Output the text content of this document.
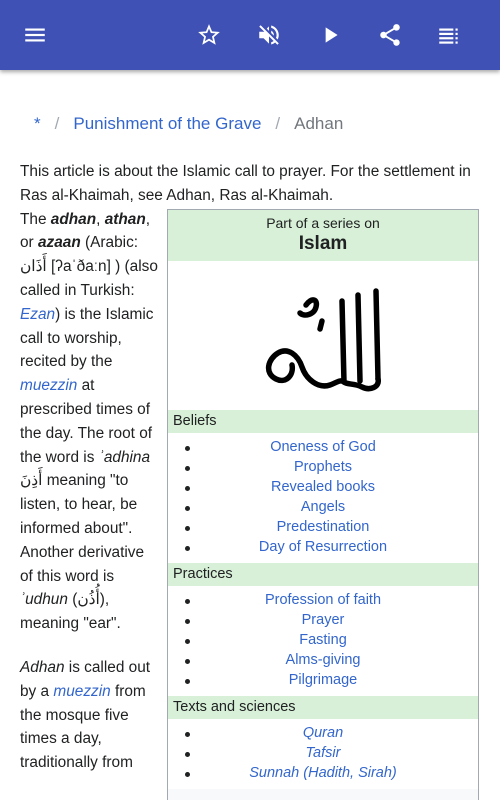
* / Punishment of the Grave / Adhan

This article is about the Islamic call to prayer. For the settlement in Ras al-Khaimah, see Adhan, Ras al-Khaimah.

The adhan, athan, or azaan (Arabic: أَذَان [ʔaˈðaːn] ) (also called in Turkish: Ezan) is the Islamic call to worship, recited by the muezzin at prescribed times of the day. The root of the word is ʾadhina أَذِنَ meaning "to listen, to hear, be informed about". Another derivative of this word is ʾudhun (أُذُن), meaning "ear".

Adhan is called out by a muezzin from the mosque five times a day, traditionally from

Part of a series on
Islam
Beliefs
Oneness of God
Prophets
Revealed books
Angels
Predestination
Day of Resurrection
Practices
Profession of faith
Prayer
Fasting
Alms-giving
Pilgrimage
Texts and sciences
Quran
Tafsir
Sunnah (Hadith, Sirah)
